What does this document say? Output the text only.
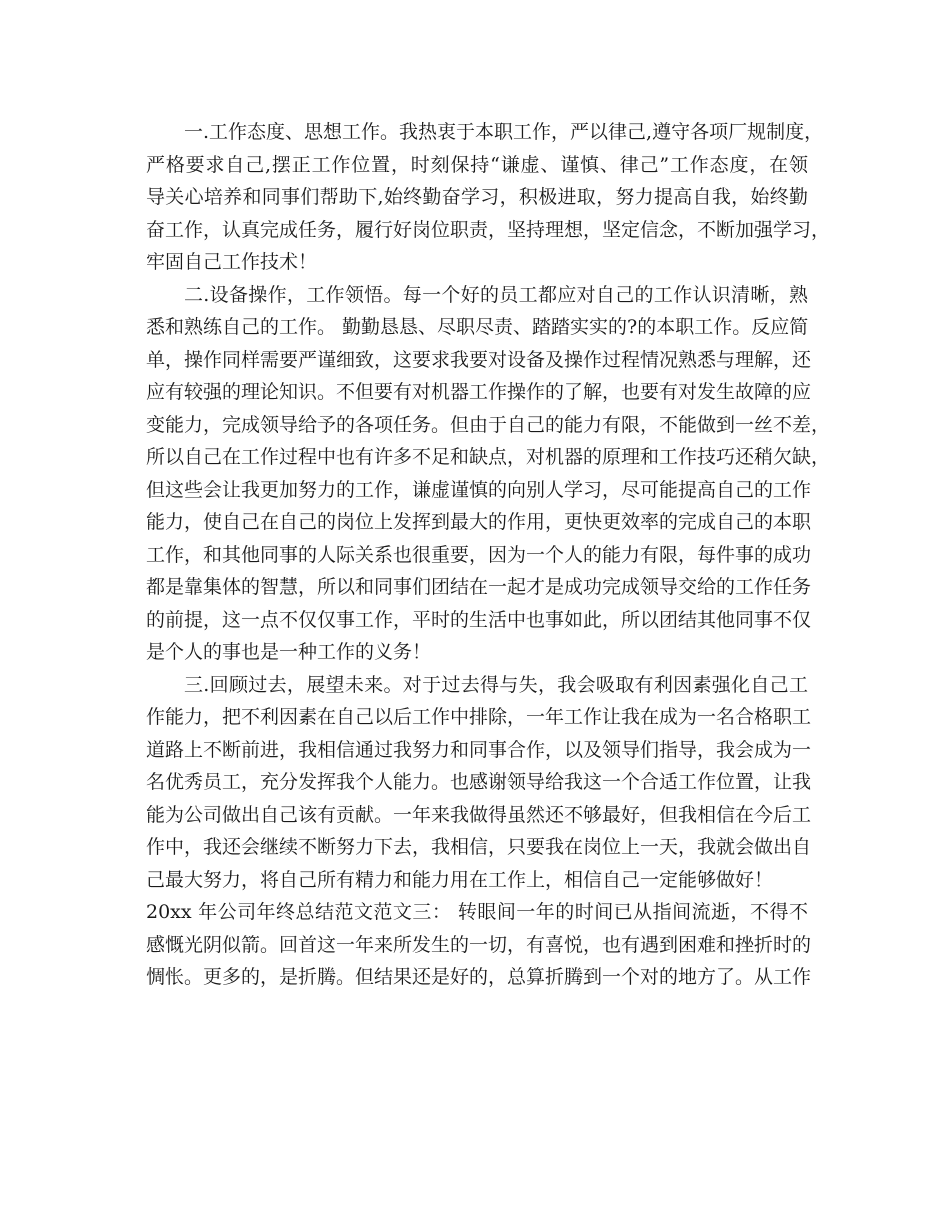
一.工作态度、思想工作。我热衷于本职工作，严以律己,遵守各项厂规制度，
严格要求自己,摆正工作位置，时刻保持“谦虚、谨慎、律己”工作态度，在领
导关心培养和同事们帮助下,始终勤奋学习，积极进取，努力提高自我，始终勤
奋工作，认真完成任务，履行好岗位职责，坚持理想，坚定信念，不断加强学习，
牢固自己工作技术！
二.设备操作，工作领悟。每一个好的员工都应对自己的工作认识清晰，熟
悉和熟练自己的工作。 勤勤恳恳、尽职尽责、踏踏实实的?的本职工作。反应简
单，操作同样需要严谨细致，这要求我要对设备及操作过程情况熟悉与理解，还
应有较强的理论知识。不但要有对机器工作操作的了解，也要有对发生故障的应
变能力，完成领导给予的各项任务。但由于自己的能力有限，不能做到一丝不差，
所以自己在工作过程中也有许多不足和缺点，对机器的原理和工作技巧还稍欠缺，
但这些会让我更加努力的工作，谦虚谨慎的向别人学习，尽可能提高自己的工作
能力，使自己在自己的岗位上发挥到最大的作用，更快更效率的完成自己的本职
工作，和其他同事的人际关系也很重要，因为一个人的能力有限，每件事的成功
都是靠集体的智慧，所以和同事们团结在一起才是成功完成领导交给的工作任务
的前提，这一点不仅仅事工作，平时的生活中也事如此，所以团结其他同事不仅
是个人的事也是一种工作的义务！
三.回顾过去，展望未来。对于过去得与失，我会吸取有利因素强化自己工
作能力，把不利因素在自己以后工作中排除，一年工作让我在成为一名合格职工
道路上不断前进，我相信通过我努力和同事合作，以及领导们指导，我会成为一
名优秀员工，充分发挥我个人能力。也感谢领导给我这一个合适工作位置，让我
能为公司做出自己该有贡献。一年来我做得虽然还不够最好，但我相信在今后工
作中，我还会继续不断努力下去，我相信，只要我在岗位上一天，我就会做出自
己最大努力，将自己所有精力和能力用在工作上，相信自己一定能够做好！
20xx 年公司年终总结范文范文三： 转眼间一年的时间已从指间流逝，不得不
感慨光阴似箭。回首这一年来所发生的一切，有喜悦，也有遇到困难和挫折时的
惆怅。更多的，是折腾。但结果还是好的，总算折腾到一个对的地方了。从工作
